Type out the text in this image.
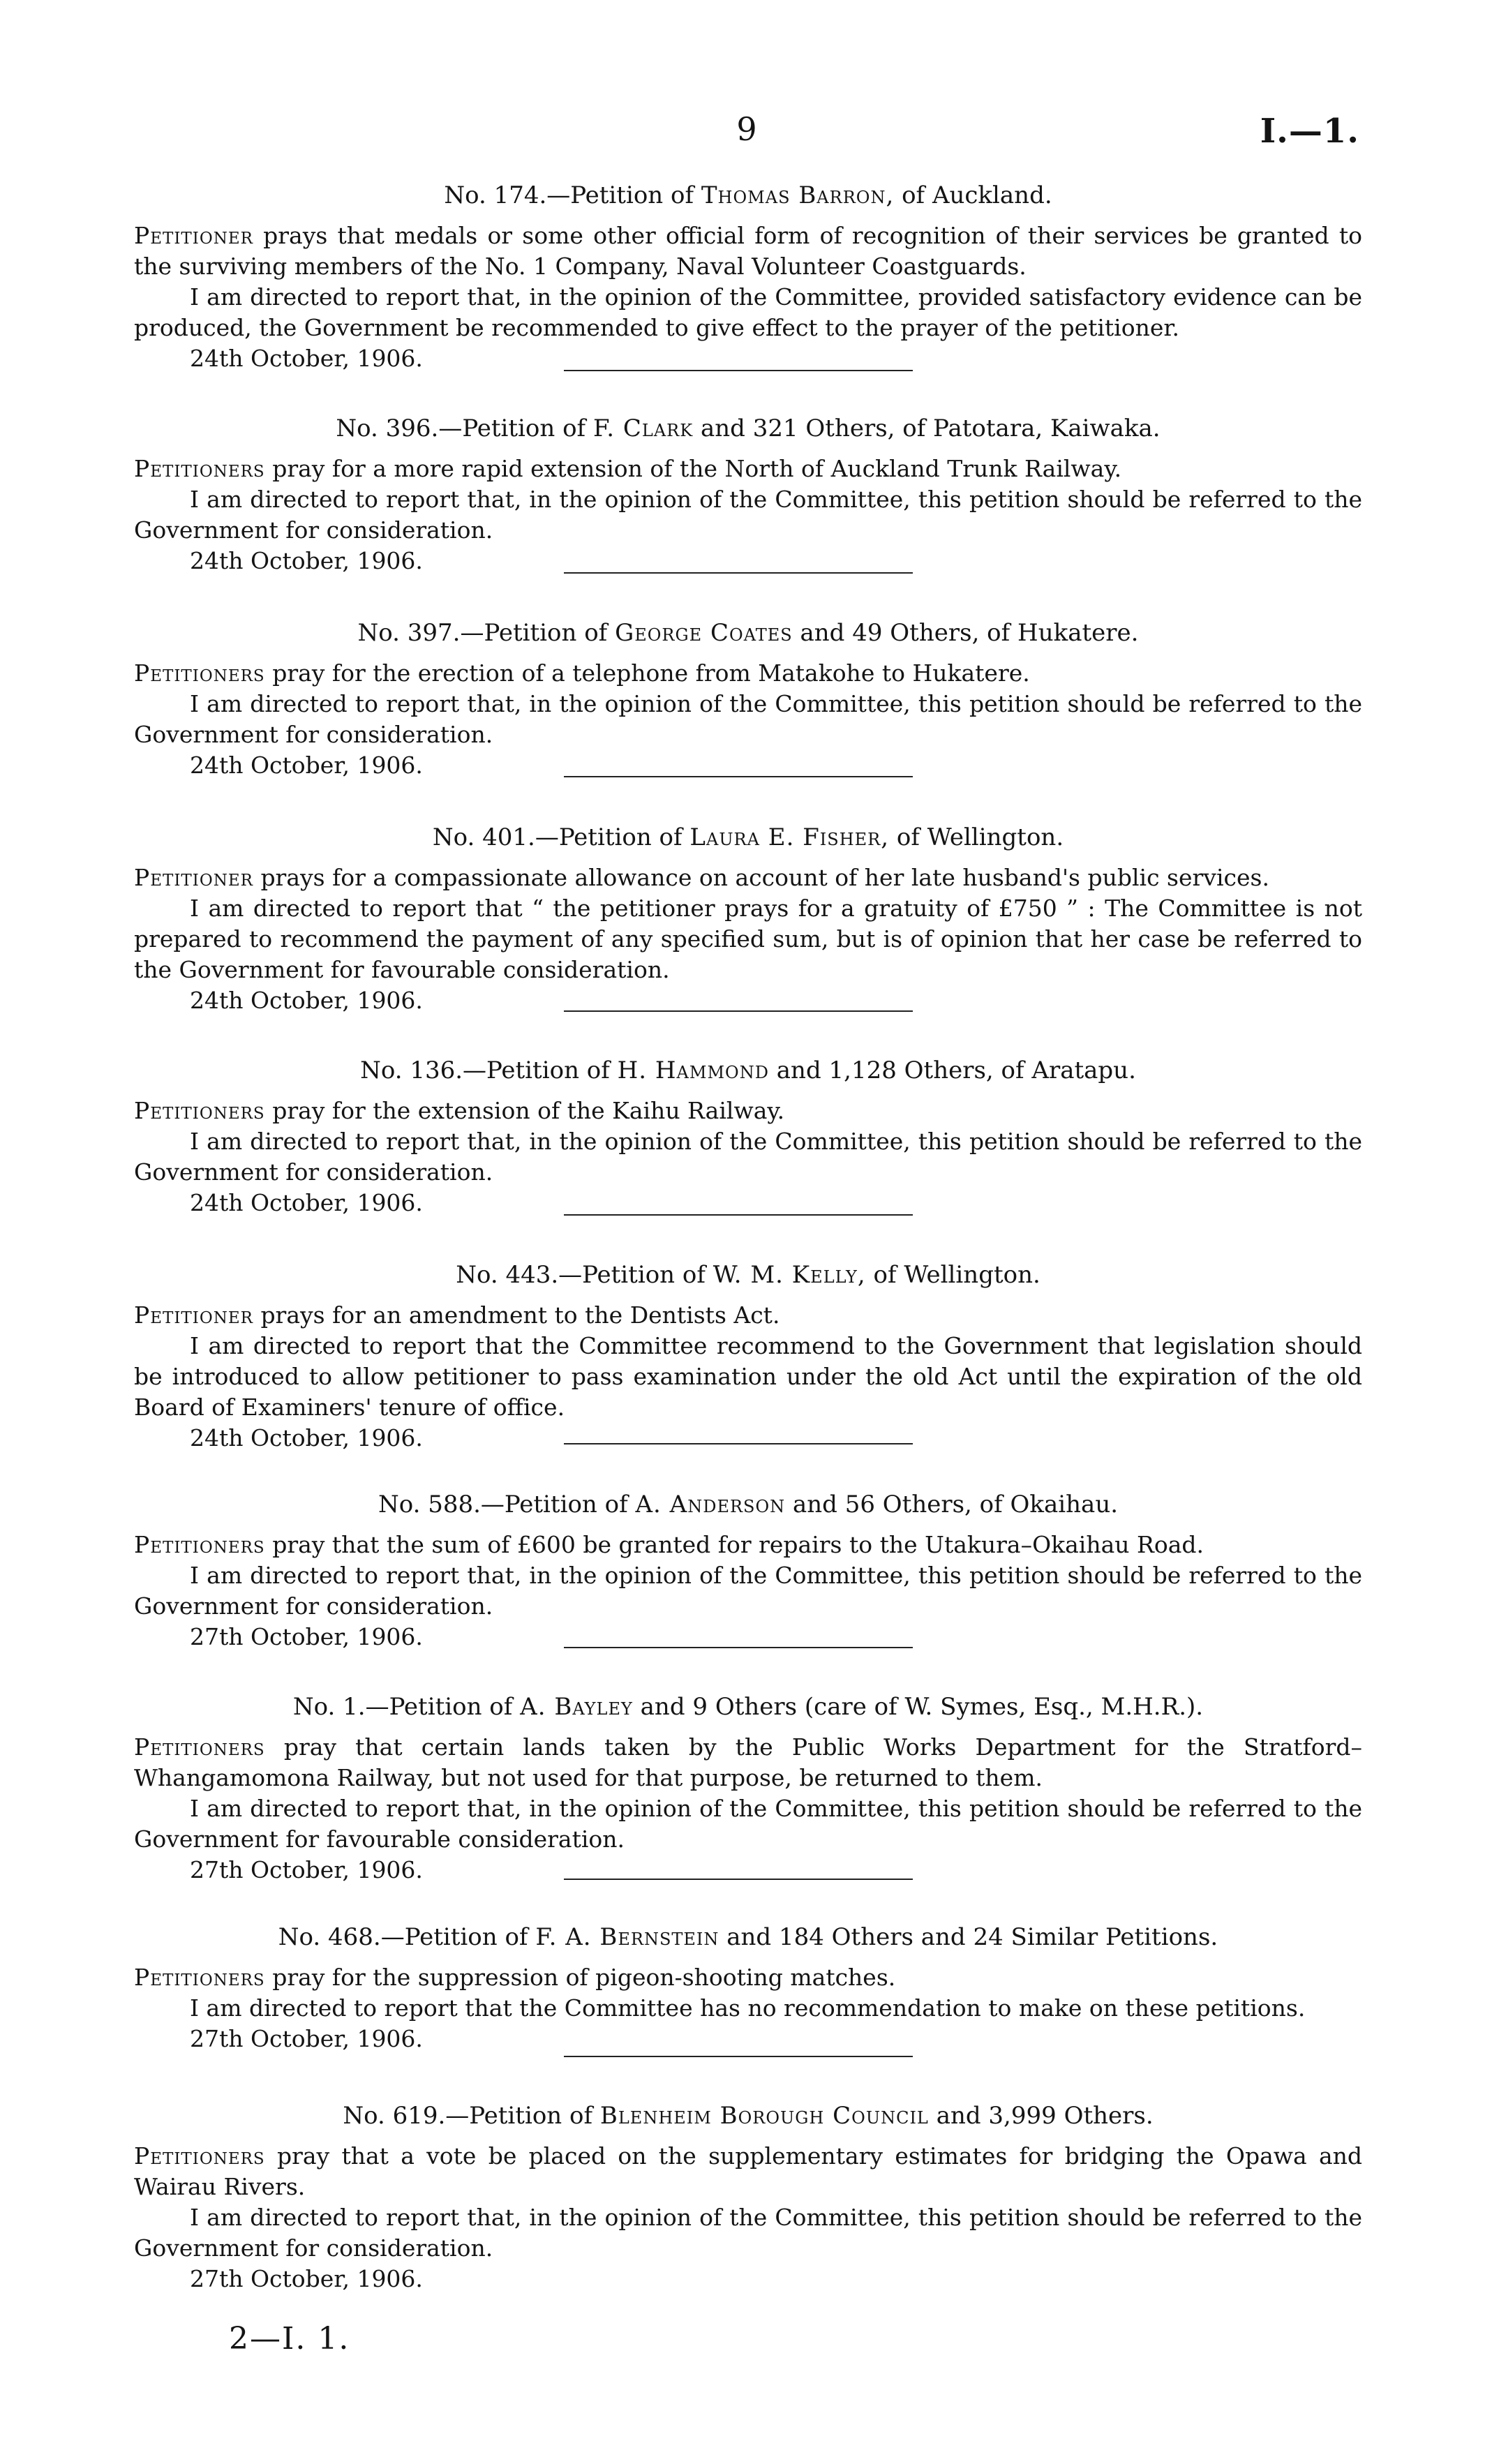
9	I.—1.
No. 174.—Petition of Thomas Barron, of Auckland.

Petitioner prays that medals or some other official form of recognition of their services be granted to the surviving members of the No. 1 Company, Naval Volunteer Coastguards.

I am directed to report that, in the opinion of the Committee, provided satisfactory evidence can be produced, the Government be recommended to give effect to the prayer of the petitioner.

24th October, 1906.

No. 396.—Petition of F. Clark and 321 Others, of Patotara, Kaiwaka.

Petitioners pray for a more rapid extension of the North of Auckland Trunk Railway.

I am directed to report that, in the opinion of the Committee, this petition should be referred to the Government for consideration.

24th October, 1906.

No. 397.—Petition of George Coates and 49 Others, of Hukatere.

Petitioners pray for the erection of a telephone from Matakohe to Hukatere.

I am directed to report that, in the opinion of the Committee, this petition should be referred to the Government for consideration.

24th October, 1906.

No. 401.—Petition of Laura E. Fisher, of Wellington.

Petitioner prays for a compassionate allowance on account of her late husband's public services.

I am directed to report that “ the petitioner prays for a gratuity of £750 ” : The Committee is not prepared to recommend the payment of any specified sum, but is of opinion that her case be referred to the Government for favourable consideration.

24th October, 1906.

No. 136.—Petition of H. Hammond and 1,128 Others, of Aratapu.

Petitioners pray for the extension of the Kaihu Railway.

I am directed to report that, in the opinion of the Committee, this petition should be referred to the Government for consideration.

24th October, 1906.

No. 443.—Petition of W. M. Kelly, of Wellington.

Petitioner prays for an amendment to the Dentists Act.

I am directed to report that the Committee recommend to the Government that legislation should be introduced to allow petitioner to pass examination under the old Act until the expiration of the old Board of Examiners' tenure of office.

24th October, 1906.

No. 588.—Petition of A. Anderson and 56 Others, of Okaihau.

Petitioners pray that the sum of £600 be granted for repairs to the Utakura–Okaihau Road.

I am directed to report that, in the opinion of the Committee, this petition should be referred to the Government for consideration.

27th October, 1906.

No. 1.—Petition of A. Bayley and 9 Others (care of W. Symes, Esq., M.H.R.).

Petitioners pray that certain lands taken by the Public Works Department for the Stratford–Whangamomona Railway, but not used for that purpose, be returned to them.

I am directed to report that, in the opinion of the Committee, this petition should be referred to the Government for favourable consideration.

27th October, 1906.

No. 468.—Petition of F. A. Bernstein and 184 Others and 24 Similar Petitions.

Petitioners pray for the suppression of pigeon-shooting matches.

I am directed to report that the Committee has no recommendation to make on these petitions.

27th October, 1906.

No. 619.—Petition of Blenheim Borough Council and 3,999 Others.

Petitioners pray that a vote be placed on the supplementary estimates for bridging the Opawa and Wairau Rivers.

I am directed to report that, in the opinion of the Committee, this petition should be referred to the Government for consideration.

27th October, 1906.

2—I. 1.
